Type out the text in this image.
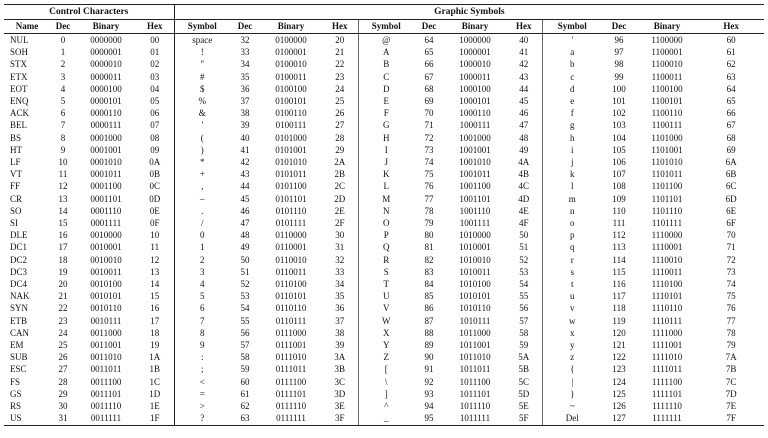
Control Characters				Graphic Symbols											
Name	Dec	Binary	Hex	Symbol	Dec	Binary	Hex	Symbol	Dec	Binary	Hex	Symbol	Dec	Binary	Hex
NUL	0	0000000	00	space	32	0100000	20	@	64	1000000	40	'	96	1100000	60
SOH	1	0000001	01	!	33	0100001	21	A	65	1000001	41	a	97	1100001	61
STX	2	0000010	02	"	34	0100010	22	B	66	1000010	42	b	98	1100010	62
ETX	3	0000011	03	#	35	0100011	23	C	67	1000011	43	c	99	1100011	63
EOT	4	0000100	04	$	36	0100100	24	D	68	1000100	44	d	100	1100100	64
ENQ	5	0000101	05	%	37	0100101	25	E	69	1000101	45	e	101	1100101	65
ACK	6	0000110	06	&	38	0100110	26	F	70	1000110	46	f	102	1100110	66
BEL	7	0000111	07	'	39	0100111	27	G	71	1000111	47	g	103	1100111	67
BS	8	0001000	08	(	40	0101000	28	H	72	1001000	48	h	104	1101000	68
HT	9	0001001	09	)	41	0101001	29	I	73	1001001	49	i	105	1101001	69
LF	10	0001010	0A	*	42	0101010	2A	J	74	1001010	4A	j	106	1101010	6A
VT	11	0001011	0B	+	43	0101011	2B	K	75	1001011	4B	k	107	1101011	6B
FF	12	0001100	0C	,	44	0101100	2C	L	76	1001100	4C	l	108	1101100	6C
CR	13	0001101	0D	–	45	0101101	2D	M	77	1001101	4D	m	109	1101101	6D
SO	14	0001110	0E	.	46	0101110	2E	N	78	1001110	4E	n	110	1101110	6E
SI	15	0001111	0F	/	47	0101111	2F	O	79	1001111	4F	o	111	1101111	6F
DLE	16	0010000	10	0	48	0110000	30	P	80	1010000	50	p	112	1110000	70
DC1	17	0010001	11	1	49	0110001	31	Q	81	1010001	51	q	113	1110001	71
DC2	18	0010010	12	2	50	0110010	32	R	82	1010010	52	r	114	1110010	72
DC3	19	0010011	13	3	51	0110011	33	S	83	1010011	53	s	115	1110011	73
DC4	20	0010100	14	4	52	0110100	34	T	84	1010100	54	t	116	1110100	74
NAK	21	0010101	15	5	53	0110101	35	U	85	1010101	55	u	117	1110101	75
SYN	22	0010110	16	6	54	0110110	36	V	86	1010110	56	v	118	1110110	76
ETB	23	0010111	17	7	55	0110111	37	W	87	1010111	57	w	119	1110111	77
CAN	24	0011000	18	8	56	0111000	38	X	88	1011000	58	x	120	1111000	78
EM	25	0011001	19	9	57	0111001	39	Y	89	1011001	59	y	121	1111001	79
SUB	26	0011010	1A	:	58	0111010	3A	Z	90	1011010	5A	z	122	1111010	7A
ESC	27	0011011	1B	;	59	0111011	3B	[	91	1011011	5B	{	123	1111011	7B
FS	28	0011100	1C	<	60	0111100	3C	\	92	1011100	5C	|	124	1111100	7C
GS	29	0011101	1D	=	61	0111101	3D	]	93	1011101	5D	}	125	1111101	7D
RS	30	0011110	1E	>	62	0111110	3E	^	94	1011110	5E	~	126	1111110	7E
US	31	0011111	1F	?	63	0111111	3F	_	95	1011111	5F	Del	127	1111111	7F
